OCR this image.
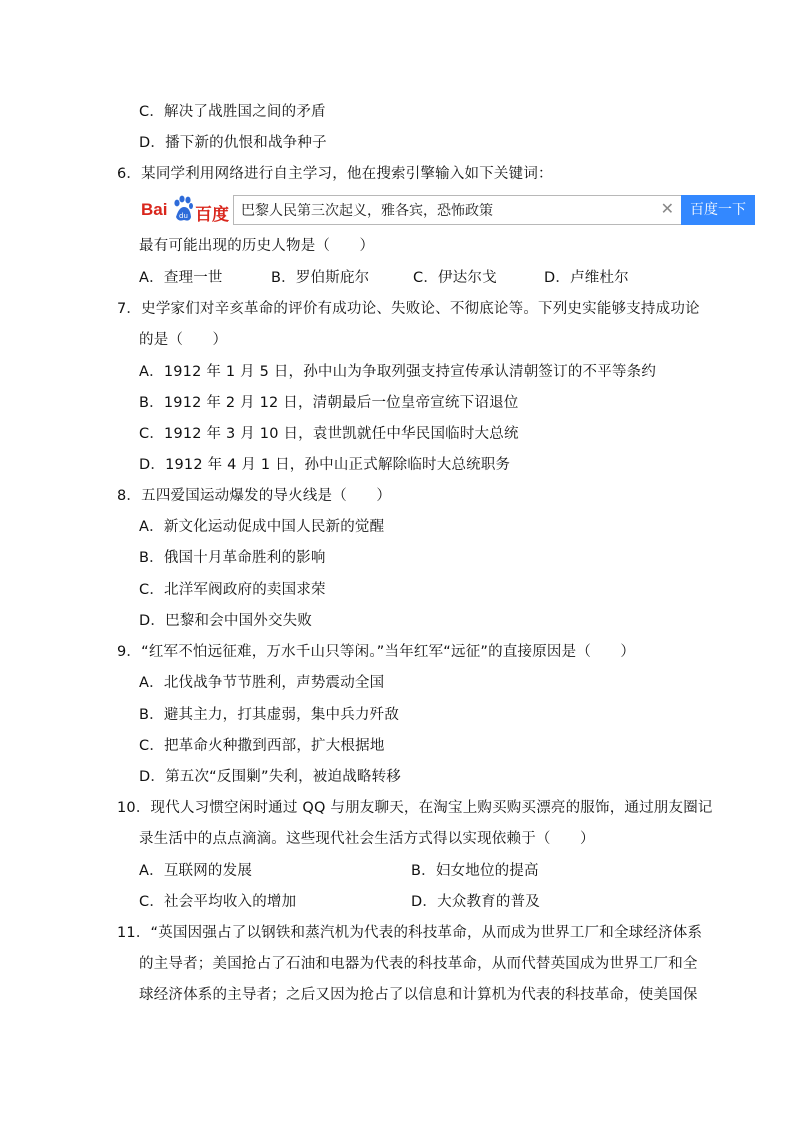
C．解决了战胜国之间的矛盾
D．播下新的仇恨和战争种子
6．某同学利用网络进行自主学习，他在搜索引擎输入如下关键词：
Bai du 百度 巴黎人民第三次起义，雅各宾，恐怖政策	✕	百度一下
最有可能出现的历史人物是（　　）
A．查理一世	B．罗伯斯庇尔	C．伊达尔戈	D．卢维杜尔
7．史学家们对辛亥革命的评价有成功论、失败论、不彻底论等。下列史实能够支持成功论
的是（　　）
A．1912 年 1 月 5 日，孙中山为争取列强支持宣传承认清朝签订的不平等条约
B．1912 年 2 月 12 日，清朝最后一位皇帝宣统下诏退位
C．1912 年 3 月 10 日，袁世凯就任中华民国临时大总统
D．1912 年 4 月 1 日，孙中山正式解除临时大总统职务
8．五四爱国运动爆发的导火线是（　　）
A．新文化运动促成中国人民新的觉醒
B．俄国十月革命胜利的影响
C．北洋军阀政府的卖国求荣
D．巴黎和会中国外交失败
9．“红军不怕远征难，万水千山只等闲。”当年红军“远征”的直接原因是（　　）
A．北伐战争节节胜利，声势震动全国
B．避其主力，打其虚弱，集中兵力歼敌
C．把革命火种撒到西部，扩大根据地
D．第五次“反围剿”失利，被迫战略转移
10．现代人习惯空闲时通过 QQ 与朋友聊天，在淘宝上购买购买漂亮的服饰，通过朋友圈记
录生活中的点点滴滴。这些现代社会生活方式得以实现依赖于（　　）
A．互联网的发展	B．妇女地位的提高
C．社会平均收入的增加	D．大众教育的普及
11．“英国因强占了以钢铁和蒸汽机为代表的科技革命，从而成为世界工厂和全球经济体系
的主导者；美国抢占了石油和电器为代表的科技革命，从而代替英国成为世界工厂和全
球经济体系的主导者；之后又因为抢占了以信息和计算机为代表的科技革命，使美国保
